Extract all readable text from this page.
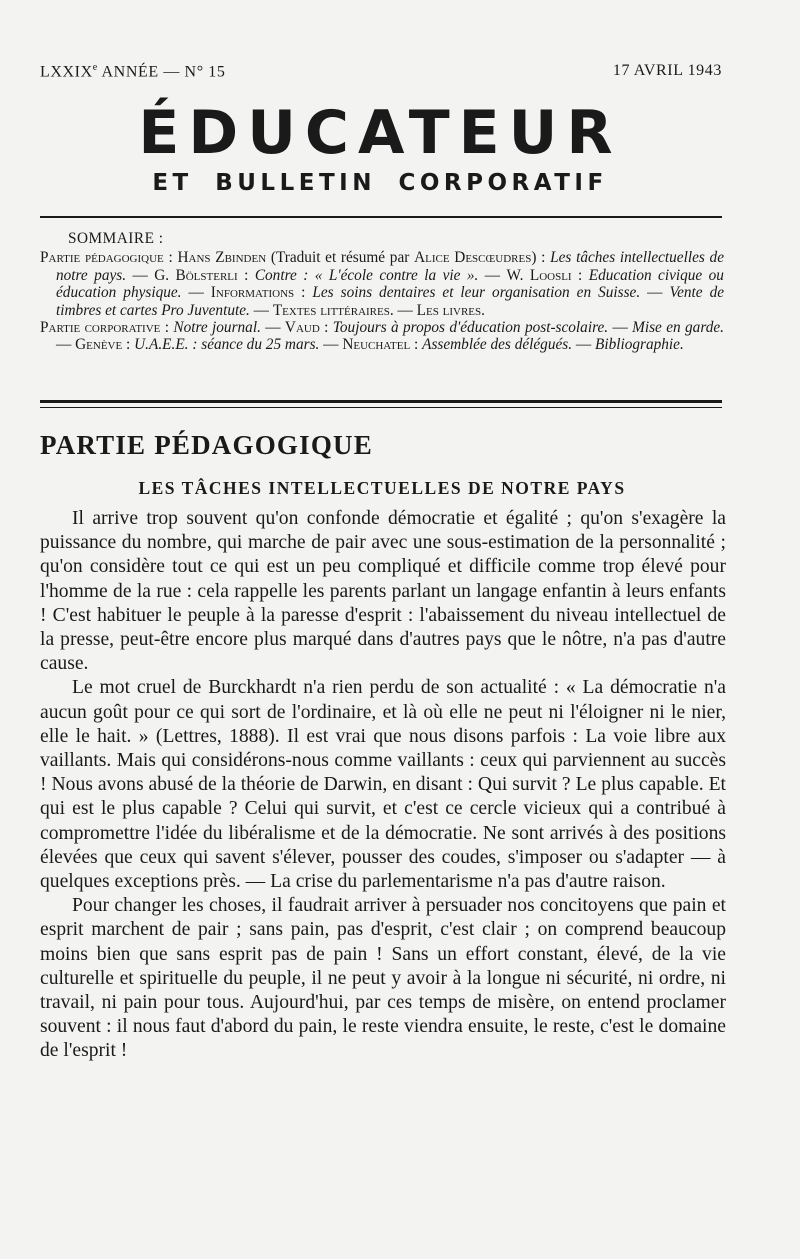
LXXIXe ANNÉE — N° 15	17 AVRIL 1943
ÉDUCATEUR
ET BULLETIN CORPORATIF
SOMMAIRE :
Partie pédagogique : Hans Zbinden (Traduit et résumé par Alice Descœudres) : Les tâches intellectuelles de notre pays. — G. Bölsterli : Contre : « L'école contre la vie ». — W. Loosli : Education civique ou éducation physique. — Informations : Les soins dentaires et leur organisation en Suisse. — Vente de timbres et cartes Pro Juventute. — Textes littéraires. — Les livres.
Partie corporative : Notre journal. — Vaud : Toujours à propos d'éducation post-scolaire. — Mise en garde. — Genève : U.A.E.E. : séance du 25 mars. — Neuchatel : Assemblée des délégués. — Bibliographie.
PARTIE PÉDAGOGIQUE
LES TÂCHES INTELLECTUELLES DE NOTRE PAYS

Il arrive trop souvent qu'on confonde démocratie et égalité ; qu'on s'exagère la puissance du nombre, qui marche de pair avec une sous-estimation de la personnalité ; qu'on considère tout ce qui est un peu compliqué et difficile comme trop élevé pour l'homme de la rue : cela rappelle les parents parlant un langage enfantin à leurs enfants ! C'est habituer le peuple à la paresse d'esprit : l'abaissement du niveau intellectuel de la presse, peut-être encore plus marqué dans d'autres pays que le nôtre, n'a pas d'autre cause.

Le mot cruel de Burckhardt n'a rien perdu de son actualité : « La démocratie n'a aucun goût pour ce qui sort de l'ordinaire, et là où elle ne peut ni l'éloigner ni le nier, elle le hait. » (Lettres, 1888). Il est vrai que nous disons parfois : La voie libre aux vaillants. Mais qui considérons-nous comme vaillants : ceux qui parviennent au succès ! Nous avons abusé de la théorie de Darwin, en disant : Qui survit ? Le plus capable. Et qui est le plus capable ? Celui qui survit, et c'est ce cercle vicieux qui a contribué à compromettre l'idée du libéralisme et de la démocratie. Ne sont arrivés à des positions élevées que ceux qui savent s'élever, pousser des coudes, s'imposer ou s'adapter — à quelques exceptions près. — La crise du parlementarisme n'a pas d'autre raison.

Pour changer les choses, il faudrait arriver à persuader nos concitoyens que pain et esprit marchent de pair ; sans pain, pas d'esprit, c'est clair ; on comprend beaucoup moins bien que sans esprit pas de pain ! Sans un effort constant, élevé, de la vie culturelle et spirituelle du peuple, il ne peut y avoir à la longue ni sécurité, ni ordre, ni travail, ni pain pour tous. Aujourd'hui, par ces temps de misère, on entend proclamer souvent : il nous faut d'abord du pain, le reste viendra ensuite, le reste, c'est le domaine de l'esprit !
